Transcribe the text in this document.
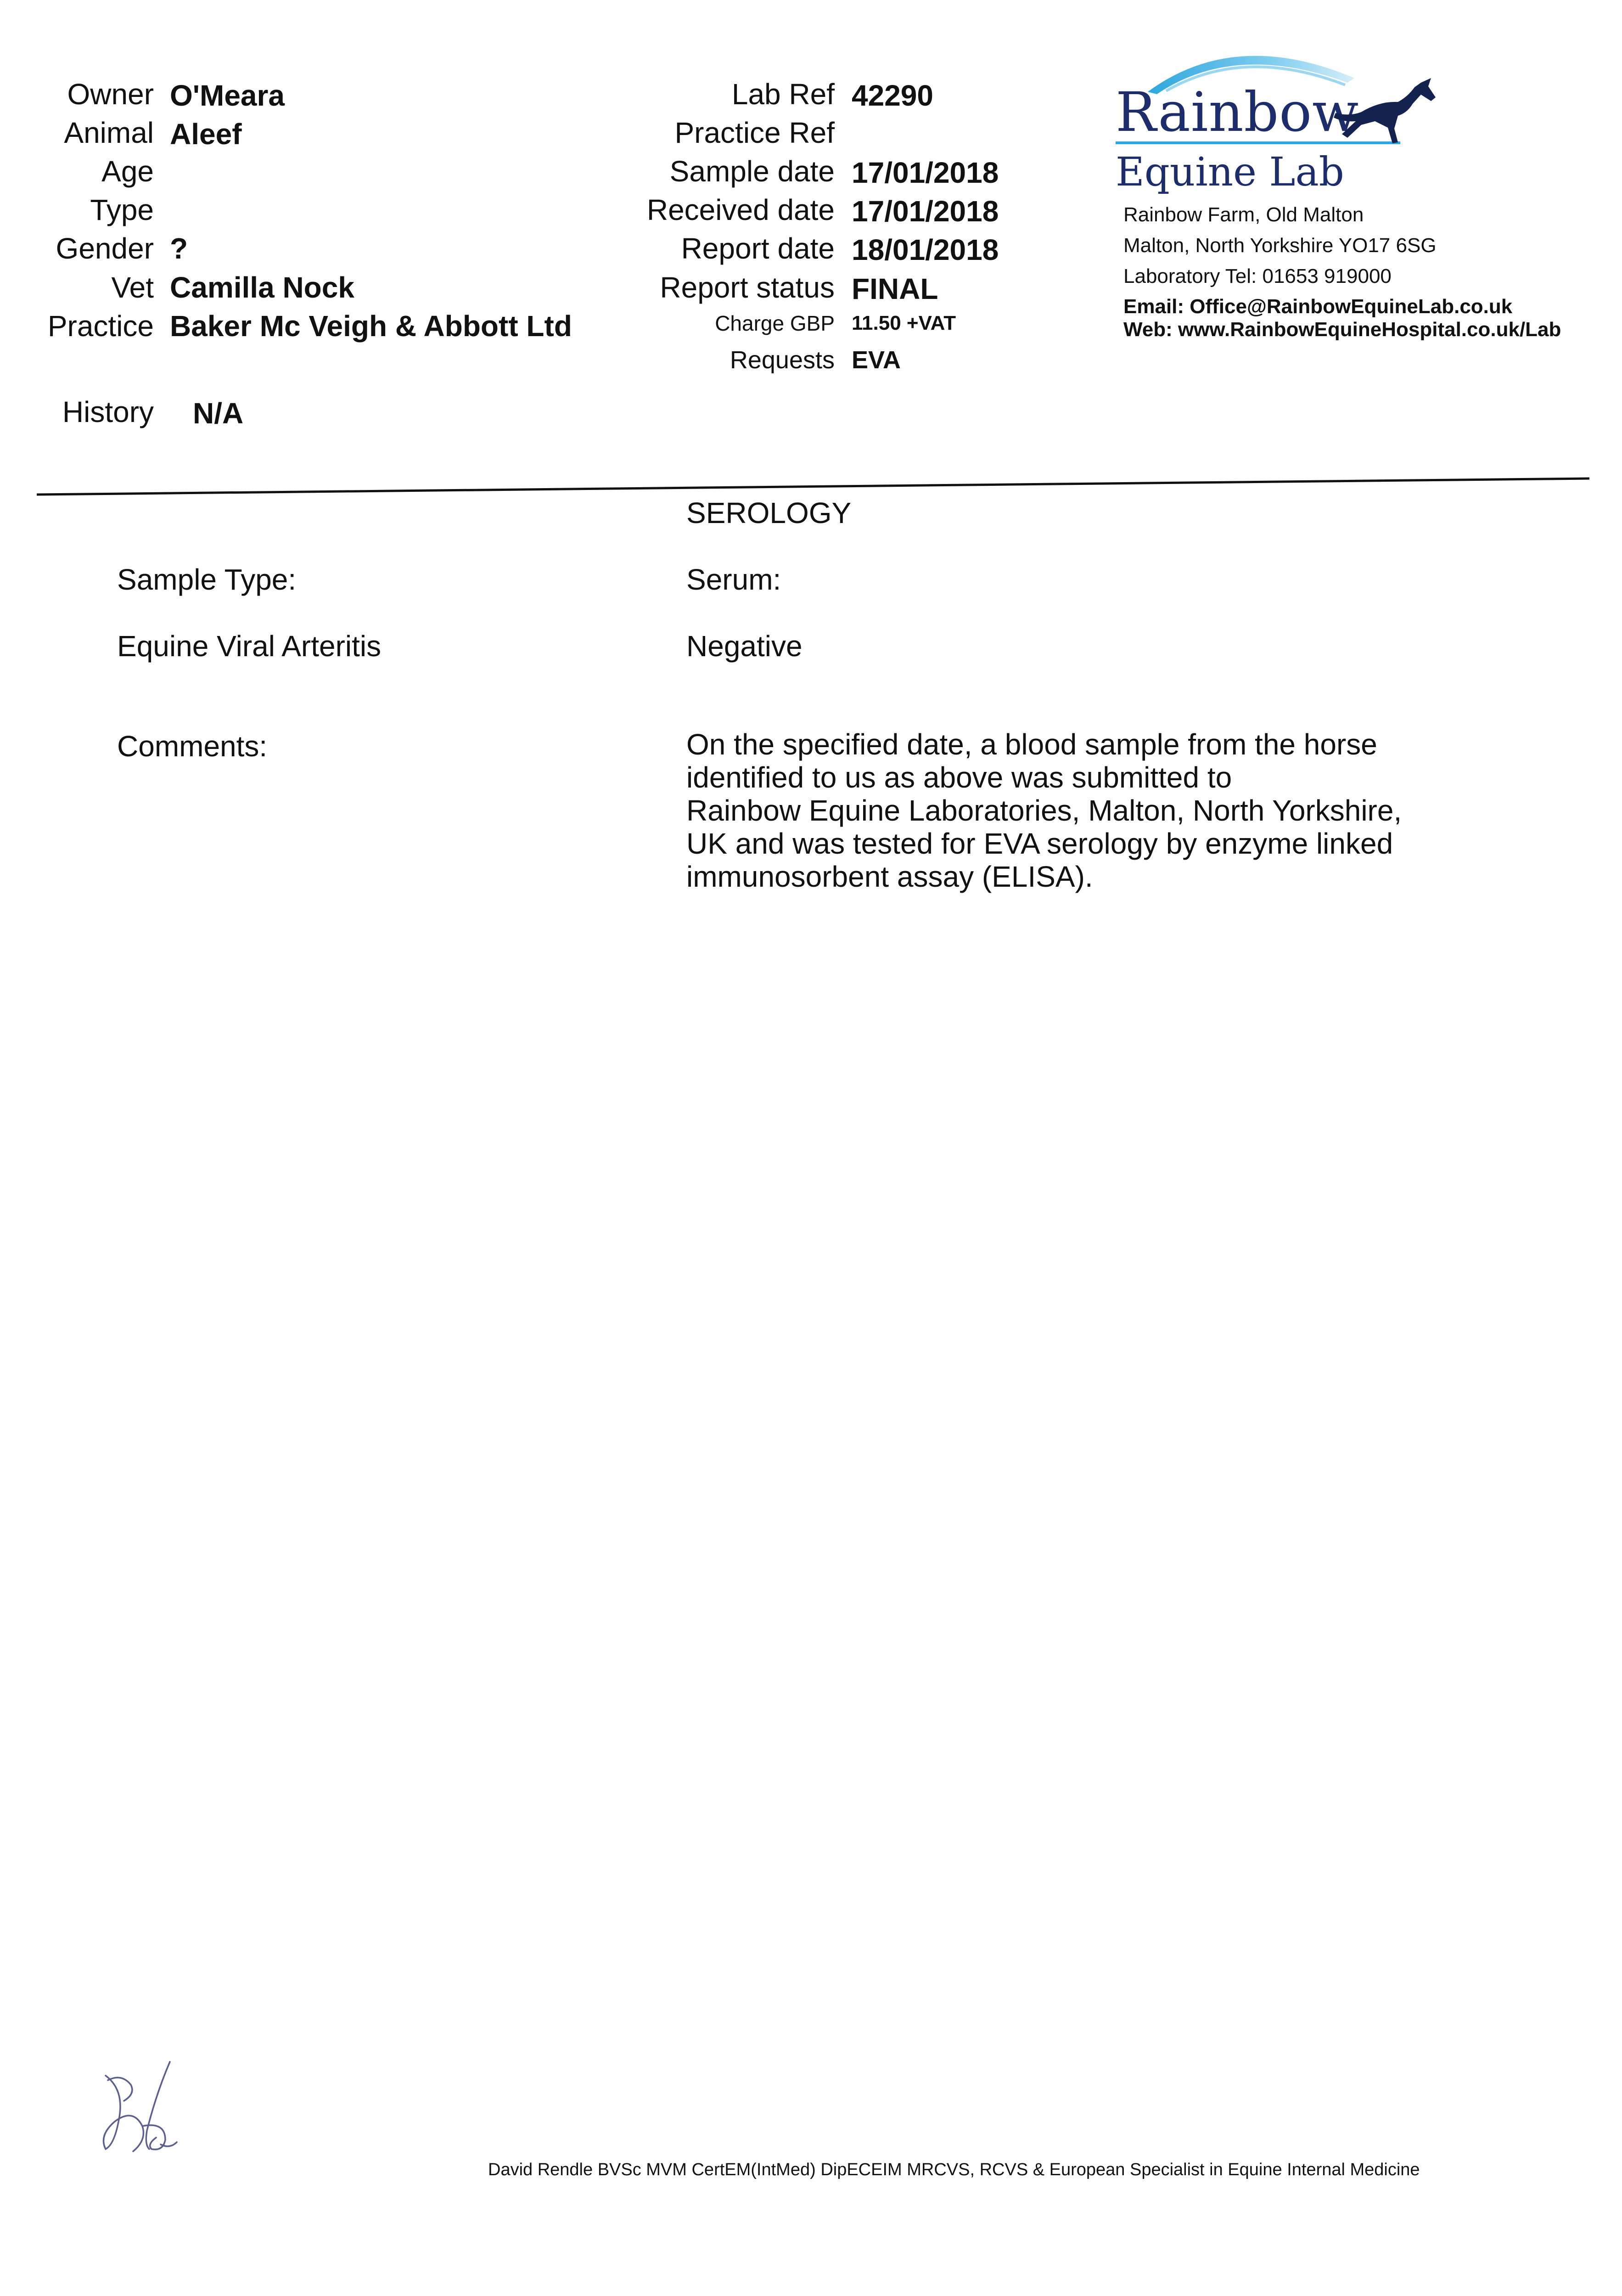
Owner O'Meara
Animal Aleef
Age
Type
Gender ?
Vet Camilla Nock
Practice Baker Mc Veigh & Abbott Ltd
History N/A
Lab Ref 42290
Practice Ref
Sample date 17/01/2018
Received date 17/01/2018
Report date 18/01/2018
Report status FINAL
Charge GBP 11.50 +VAT
Requests EVA
Rainbow
Equine Lab
Rainbow Farm, Old Malton
Malton, North Yorkshire YO17 6SG
Laboratory Tel: 01653 919000
Email: Office@RainbowEquineLab.co.uk
Web: www.RainbowEquineHospital.co.uk/Lab
SEROLOGY
Sample Type:	Serum:
Equine Viral Arteritis	Negative
Comments:	On the specified date, a blood sample from the horse
identified to us as above was submitted to
Rainbow Equine Laboratories, Malton, North Yorkshire,
UK and was tested for EVA serology by enzyme linked
immunosorbent assay (ELISA).
David Rendle BVSc MVM CertEM(IntMed) DipECEIM MRCVS, RCVS & European Specialist in Equine Internal Medicine
